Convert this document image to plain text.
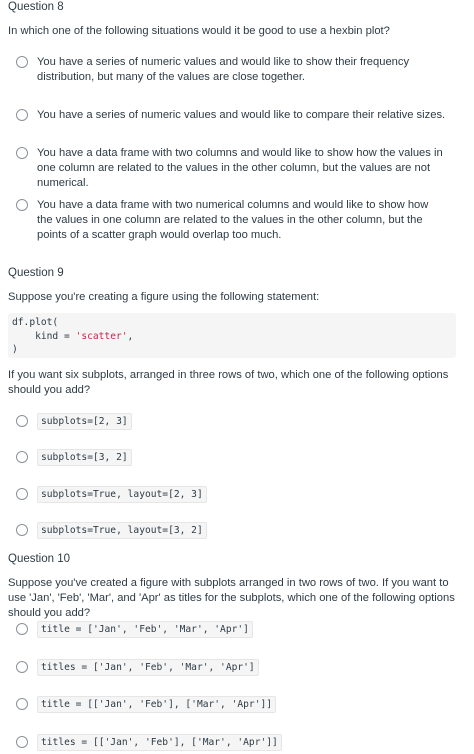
Question 8
In which one of the following situations would it be good to use a hexbin plot?
You have a series of numeric values and would like to show their frequency distribution, but many of the values are close together.
You have a series of numeric values and would like to compare their relative sizes.
You have a data frame with two columns and would like to show how the values in one column are related to the values in the other column, but the values are not numerical.
You have a data frame with two numerical columns and would like to show how the values in one column are related to the values in the other column, but the points of a scatter graph would overlap too much.
Question 9
Suppose you're creating a figure using the following statement:
df.plot(
kind = 'scatter',
)
If you want six subplots, arranged in three rows of two, which one of the following options should you add?
subplots=[2, 3]
subplots=[3, 2]
subplots=True, layout=[2, 3]
subplots=True, layout=[3, 2]
Question 10
Suppose you've created a figure with subplots arranged in two rows of two. If you want to use 'Jan', 'Feb', 'Mar', and 'Apr' as titles for the subplots, which one of the following options should you add?
title = ['Jan', 'Feb', 'Mar', 'Apr']
titles = ['Jan', 'Feb', 'Mar', 'Apr']
title = [['Jan', 'Feb'], ['Mar', 'Apr']]
titles = [['Jan', 'Feb'], ['Mar', 'Apr']]
